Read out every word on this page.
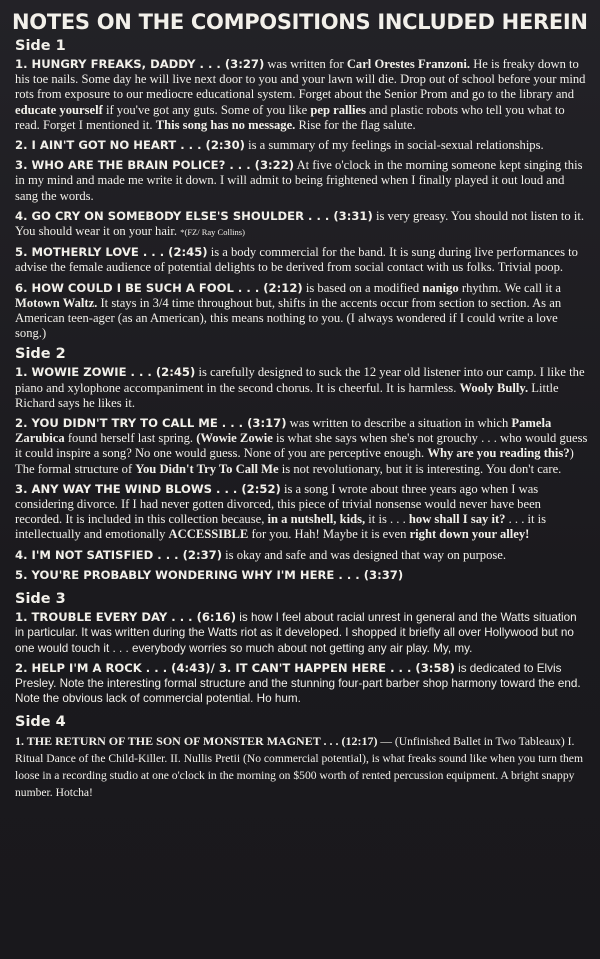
NOTES ON THE COMPOSITIONS INCLUDED HEREIN
Side 1

1. HUNGRY FREAKS, DADDY . . . (3:27) was written for Carl Orestes Franzoni. He is freaky down to his toe nails. Some day he will live next door to you and your lawn will die. Drop out of school before your mind rots from exposure to our mediocre educational system. Forget about the Senior Prom and go to the library and educate yourself if you've got any guts. Some of you like pep rallies and plastic robots who tell you what to read. Forget I mentioned it. This song has no message. Rise for the flag salute.

2. I AIN'T GOT NO HEART . . . (2:30) is a summary of my feelings in social-sexual relationships.

3. WHO ARE THE BRAIN POLICE? . . . (3:22) At five o'clock in the morning someone kept singing this in my mind and made me write it down. I will admit to being frightened when I finally played it out loud and sang the words.

4. GO CRY ON SOMEBODY ELSE'S SHOULDER . . . (3:31) is very greasy. You should not listen to it. You should wear it on your hair. *(FZ/ Ray Collins)

5. MOTHERLY LOVE . . . (2:45) is a body commercial for the band. It is sung during live performances to advise the female audience of potential delights to be derived from social contact with us folks. Trivial poop.

6. HOW COULD I BE SUCH A FOOL . . . (2:12) is based on a modified nanigo rhythm. We call it a Motown Waltz. It stays in 3/4 time throughout but, shifts in the accents occur from section to section. As an American teen-ager (as an American), this means nothing to you. (I always wondered if I could write a love song.)

Side 2

1. WOWIE ZOWIE . . . (2:45) is carefully designed to suck the 12 year old listener into our camp. I like the piano and xylophone accompaniment in the second chorus. It is cheerful. It is harmless. Wooly Bully. Little Richard says he likes it.

2. YOU DIDN'T TRY TO CALL ME . . . (3:17) was written to describe a situation in which Pamela Zarubica found herself last spring. (Wowie Zowie is what she says when she's not grouchy . . . who would guess it could inspire a song? No one would guess. None of you are perceptive enough. Why are you reading this?) The formal structure of You Didn't Try To Call Me is not revolutionary, but it is interesting. You don't care.

3. ANY WAY THE WIND BLOWS . . . (2:52) is a song I wrote about three years ago when I was considering divorce. If I had never gotten divorced, this piece of trivial nonsense would never have been recorded. It is included in this collection because, in a nutshell, kids, it is . . . how shall I say it? . . . it is intellectually and emotionally ACCESSIBLE for you. Hah! Maybe it is even right down your alley!

4. I'M NOT SATISFIED . . . (2:37) is okay and safe and was designed that way on purpose.

5. YOU'RE PROBABLY WONDERING WHY I'M HERE . . . (3:37)

Side 3

1. TROUBLE EVERY DAY . . . (6:16) is how I feel about racial unrest in general and the Watts situation in particular. It was written during the Watts riot as it developed. I shopped it briefly all over Hollywood but no one would touch it . . . everybody worries so much about not getting any air play. My, my.

2. HELP I'M A ROCK . . . (4:43)/ 3. IT CAN'T HAPPEN HERE . . . (3:58) is dedicated to Elvis Presley. Note the interesting formal structure and the stunning four-part barber shop harmony toward the end. Note the obvious lack of commercial potential. Ho hum.

Side 4

1. THE RETURN OF THE SON OF MONSTER MAGNET . . . (12:17) — (Unfinished Ballet in Two Tableaux) I. Ritual Dance of the Child-Killer. II. Nullis Pretii (No commercial potential), is what freaks sound like when you turn them loose in a recording studio at one o'clock in the morning on $500 worth of rented percussion equipment. A bright snappy number. Hotcha!
